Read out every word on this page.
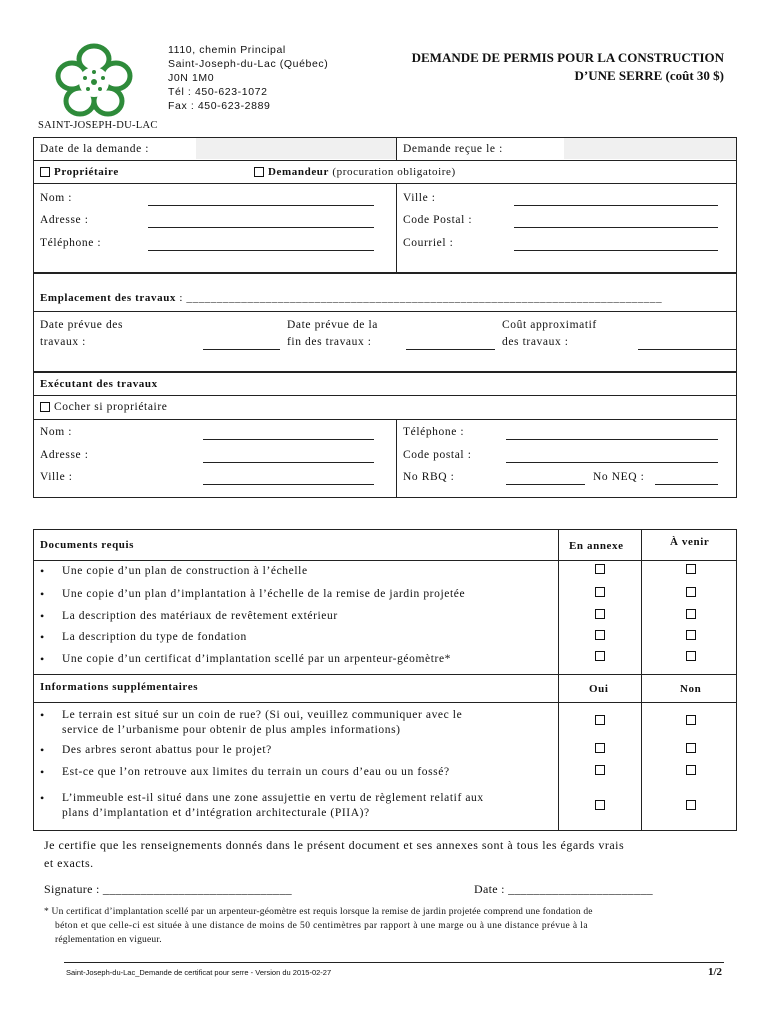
SAINT-JOSEPH-DU-LAC
1110, chemin Principal
Saint-Joseph-du-Lac (Québec)
J0N 1M0
Tél : 450-623-1072
Fax : 450-623-2889
DEMANDE DE PERMIS POUR LA CONSTRUCTION
D’UNE SERRE (coût 30 $)
Date de la demande :	Demande reçue le :
Propriétaire	Demandeur (procuration obligatoire)
Nom :
Adresse :
Téléphone :
Ville :
Code Postal :
Courriel :
Emplacement des travaux : ______________________________________________________________________________
Date prévue des
travaux :
Date prévue de la
fin des travaux :
Coût approximatif
des travaux :
Exécutant des travaux
Cocher si propriétaire
Nom :
Adresse :
Ville :
Téléphone :
Code postal :
No RBQ :	No NEQ :
Documents requis	En annexe	À venir
• Une copie d’un plan de construction à l’échelle
• Une copie d’un plan d’implantation à l’échelle de la remise de jardin projetée
• La description des matériaux de revêtement extérieur
• La description du type de fondation
• Une copie d’un certificat d’implantation scellé par un arpenteur-géomètre*
Informations supplémentaires	Oui	Non
• Le terrain est situé sur un coin de rue? (Si oui, veuillez communiquer avec le
service de l’urbanisme pour obtenir de plus amples informations)
• Des arbres seront abattus pour le projet?
• Est-ce que l’on retrouve aux limites du terrain un cours d’eau ou un fossé?
• L’immeuble est-il situé dans une zone assujettie en vertu de règlement relatif aux
plans d’implantation et d’intégration architecturale (PIIA)?
Je certifie que les renseignements donnés dans le présent document et ses annexes sont à tous les égards vrais
et exacts.
Signature : ______________________________	Date : _______________________
* Un certificat d’implantation scellé par un arpenteur-géomètre est requis lorsque la remise de jardin projetée comprend une fondation de
béton et que celle-ci est située à une distance de moins de 50 centimètres par rapport à une marge ou à une distance prévue à la
réglementation en vigueur.
Saint-Joseph-du-Lac_Demande de certificat pour serre - Version du 2015-02-27	1/2
